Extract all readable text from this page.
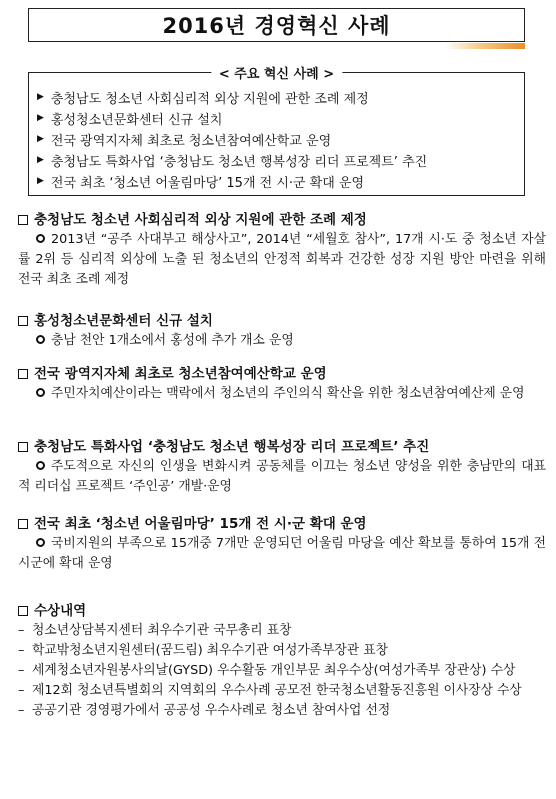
2016년 경영혁신 사례
< 주요 혁신 사례 >
▶ 충청남도 청소년 사회심리적 외상 지원에 관한 조례 제정
▶ 홍성청소년문화센터 신규 설치
▶ 전국 광역지자체 최초로 청소년참여예산학교 운영
▶ 충청남도 특화사업 ‘충청남도 청소년 행복성장 리더 프로젝트’ 추진
▶ 전국 최초 ‘청소년 어울림마당’ 15개 전 시·군 확대 운영
충청남도 청소년 사회심리적 외상 지원에 관한 조례 제정
2013년 “공주 사대부고 해상사고”, 2014년 “세월호 참사”, 17개 시·도 중 청소년 자살률 2위 등 심리적 외상에 노출 된 청소년의 안정적 회복과 건강한 성장 지원 방안 마련을 위해 전국 최초 조례 제정
홍성청소년문화센터 신규 설치
충남 천안 1개소에서 홍성에 추가 개소 운영
전국 광역지자체 최초로 청소년참여예산학교 운영
주민자치예산이라는 맥락에서 청소년의 주인의식 확산을 위한 청소년참여예산제 운영
충청남도 특화사업 ‘충청남도 청소년 행복성장 리더 프로젝트’ 추진
주도적으로 자신의 인생을 변화시켜 공동체를 이끄는 청소년 양성을 위한 충남만의 대표적 리더십 프로젝트 ‘주인공’ 개발·운영
전국 최초 ‘청소년 어울림마당’ 15개 전 시·군 확대 운영
국비지원의 부족으로 15개중 7개만 운영되던 어울림 마당을 예산 확보를 통하여 15개 전 시군에 확대 운영
수상내역
– 청소년상담복지센터 최우수기관 국무총리 표창
– 학교밖청소년지원센터(꿈드림) 최우수기관 여성가족부장관 표창
– 세계청소년자원봉사의날(GYSD) 우수활동 개인부문 최우수상(여성가족부 장관상) 수상
– 제12회 청소년특별회의 지역회의 우수사례 공모전 한국청소년활동진흥원 이사장상 수상
– 공공기관 경영평가에서 공공성 우수사례로 청소년 참여사업 선정
